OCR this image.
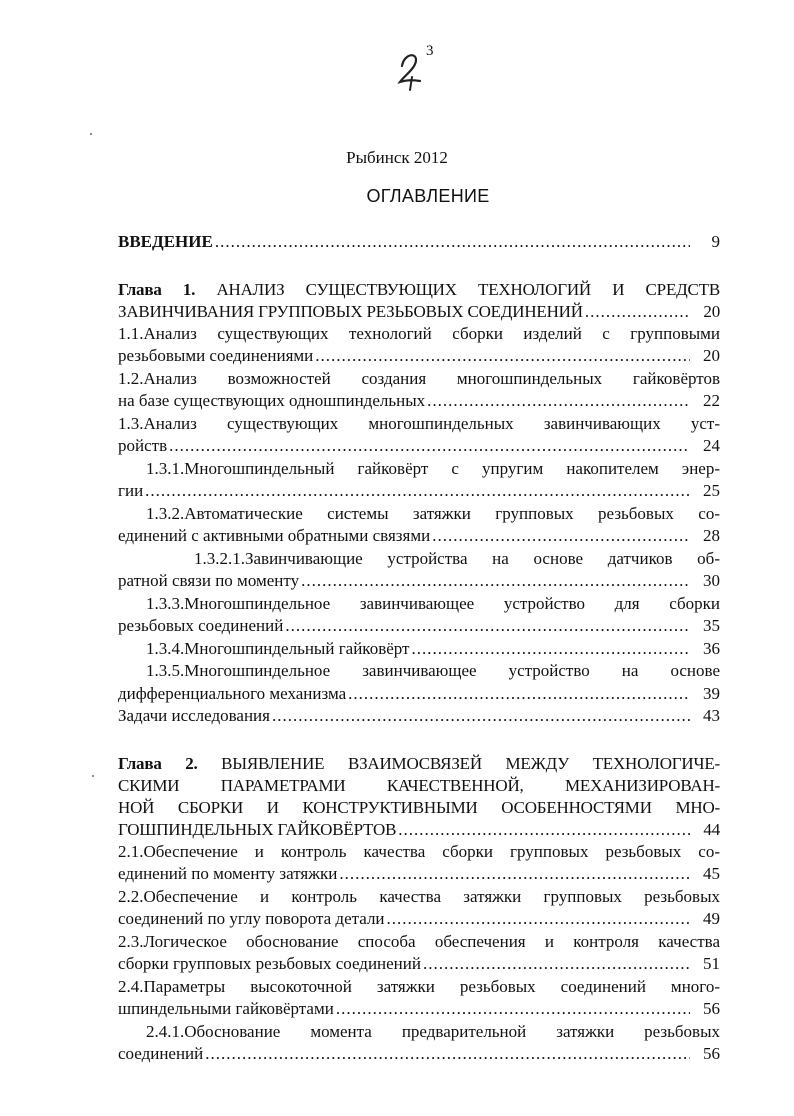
3
Рыбинск 2012
ОГЛАВЛЕНИЕ
ВВЕДЕНИЕ .....	9
Глава 1. АНАЛИЗ СУЩЕСТВУЮЩИХ ТЕХНОЛОГИЙ И СРЕДСТВ
ЗАВИНЧИВАНИЯ ГРУППОВЫХ РЕЗЬБОВЫХ СОЕДИНЕНИЙ .....	20
1.1.Анализ существующих технологий сборки изделий с групповыми
резьбовыми соединениями .....	20
1.2.Анализ возможностей создания многошпиндельных гайковёртов
на базе существующих одношпиндельных .....	22
1.3.Анализ существующих многошпиндельных завинчивающих уст-
ройств .....	24
1.3.1.Многошпиндельный гайковёрт с упругим накопителем энер-
гии .....	25
1.3.2.Автоматические системы затяжки групповых резьбовых со-
единений с активными обратными связями .....	28
1.3.2.1.Завинчивающие устройства на основе датчиков об-
ратной связи по моменту .....	30
1.3.3.Многошпиндельное завинчивающее устройство для сборки
резьбовых соединений .....	35
1.3.4.Многошпиндельный гайковёрт .....	36
1.3.5.Многошпиндельное завинчивающее устройство на основе
дифференциального механизма .....	39
Задачи исследования .....	43
Глава 2. ВЫЯВЛЕНИЕ ВЗАИМОСВЯЗЕЙ МЕЖДУ ТЕХНОЛОГИЧЕ-
СКИМИ ПАРАМЕТРАМИ КАЧЕСТВЕННОЙ, МЕХАНИЗИРОВАН-
НОЙ СБОРКИ И КОНСТРУКТИВНЫМИ ОСОБЕННОСТЯМИ МНО-
ГОШПИНДЕЛЬНЫХ ГАЙКОВЁРТОВ .....	44
2.1.Обеспечение и контроль качества сборки групповых резьбовых со-
единений по моменту затяжки .....	45
2.2.Обеспечение и контроль качества затяжки групповых резьбовых
соединений по углу поворота детали .....	49
2.3.Логическое обоснование способа обеспечения и контроля качества
сборки групповых резьбовых соединений .....	51
2.4.Параметры высокоточной затяжки резьбовых соединений много-
шпиндельными гайковёртами .....	56
2.4.1.Обоснование момента предварительной затяжки резьбовых
соединений .....	56
